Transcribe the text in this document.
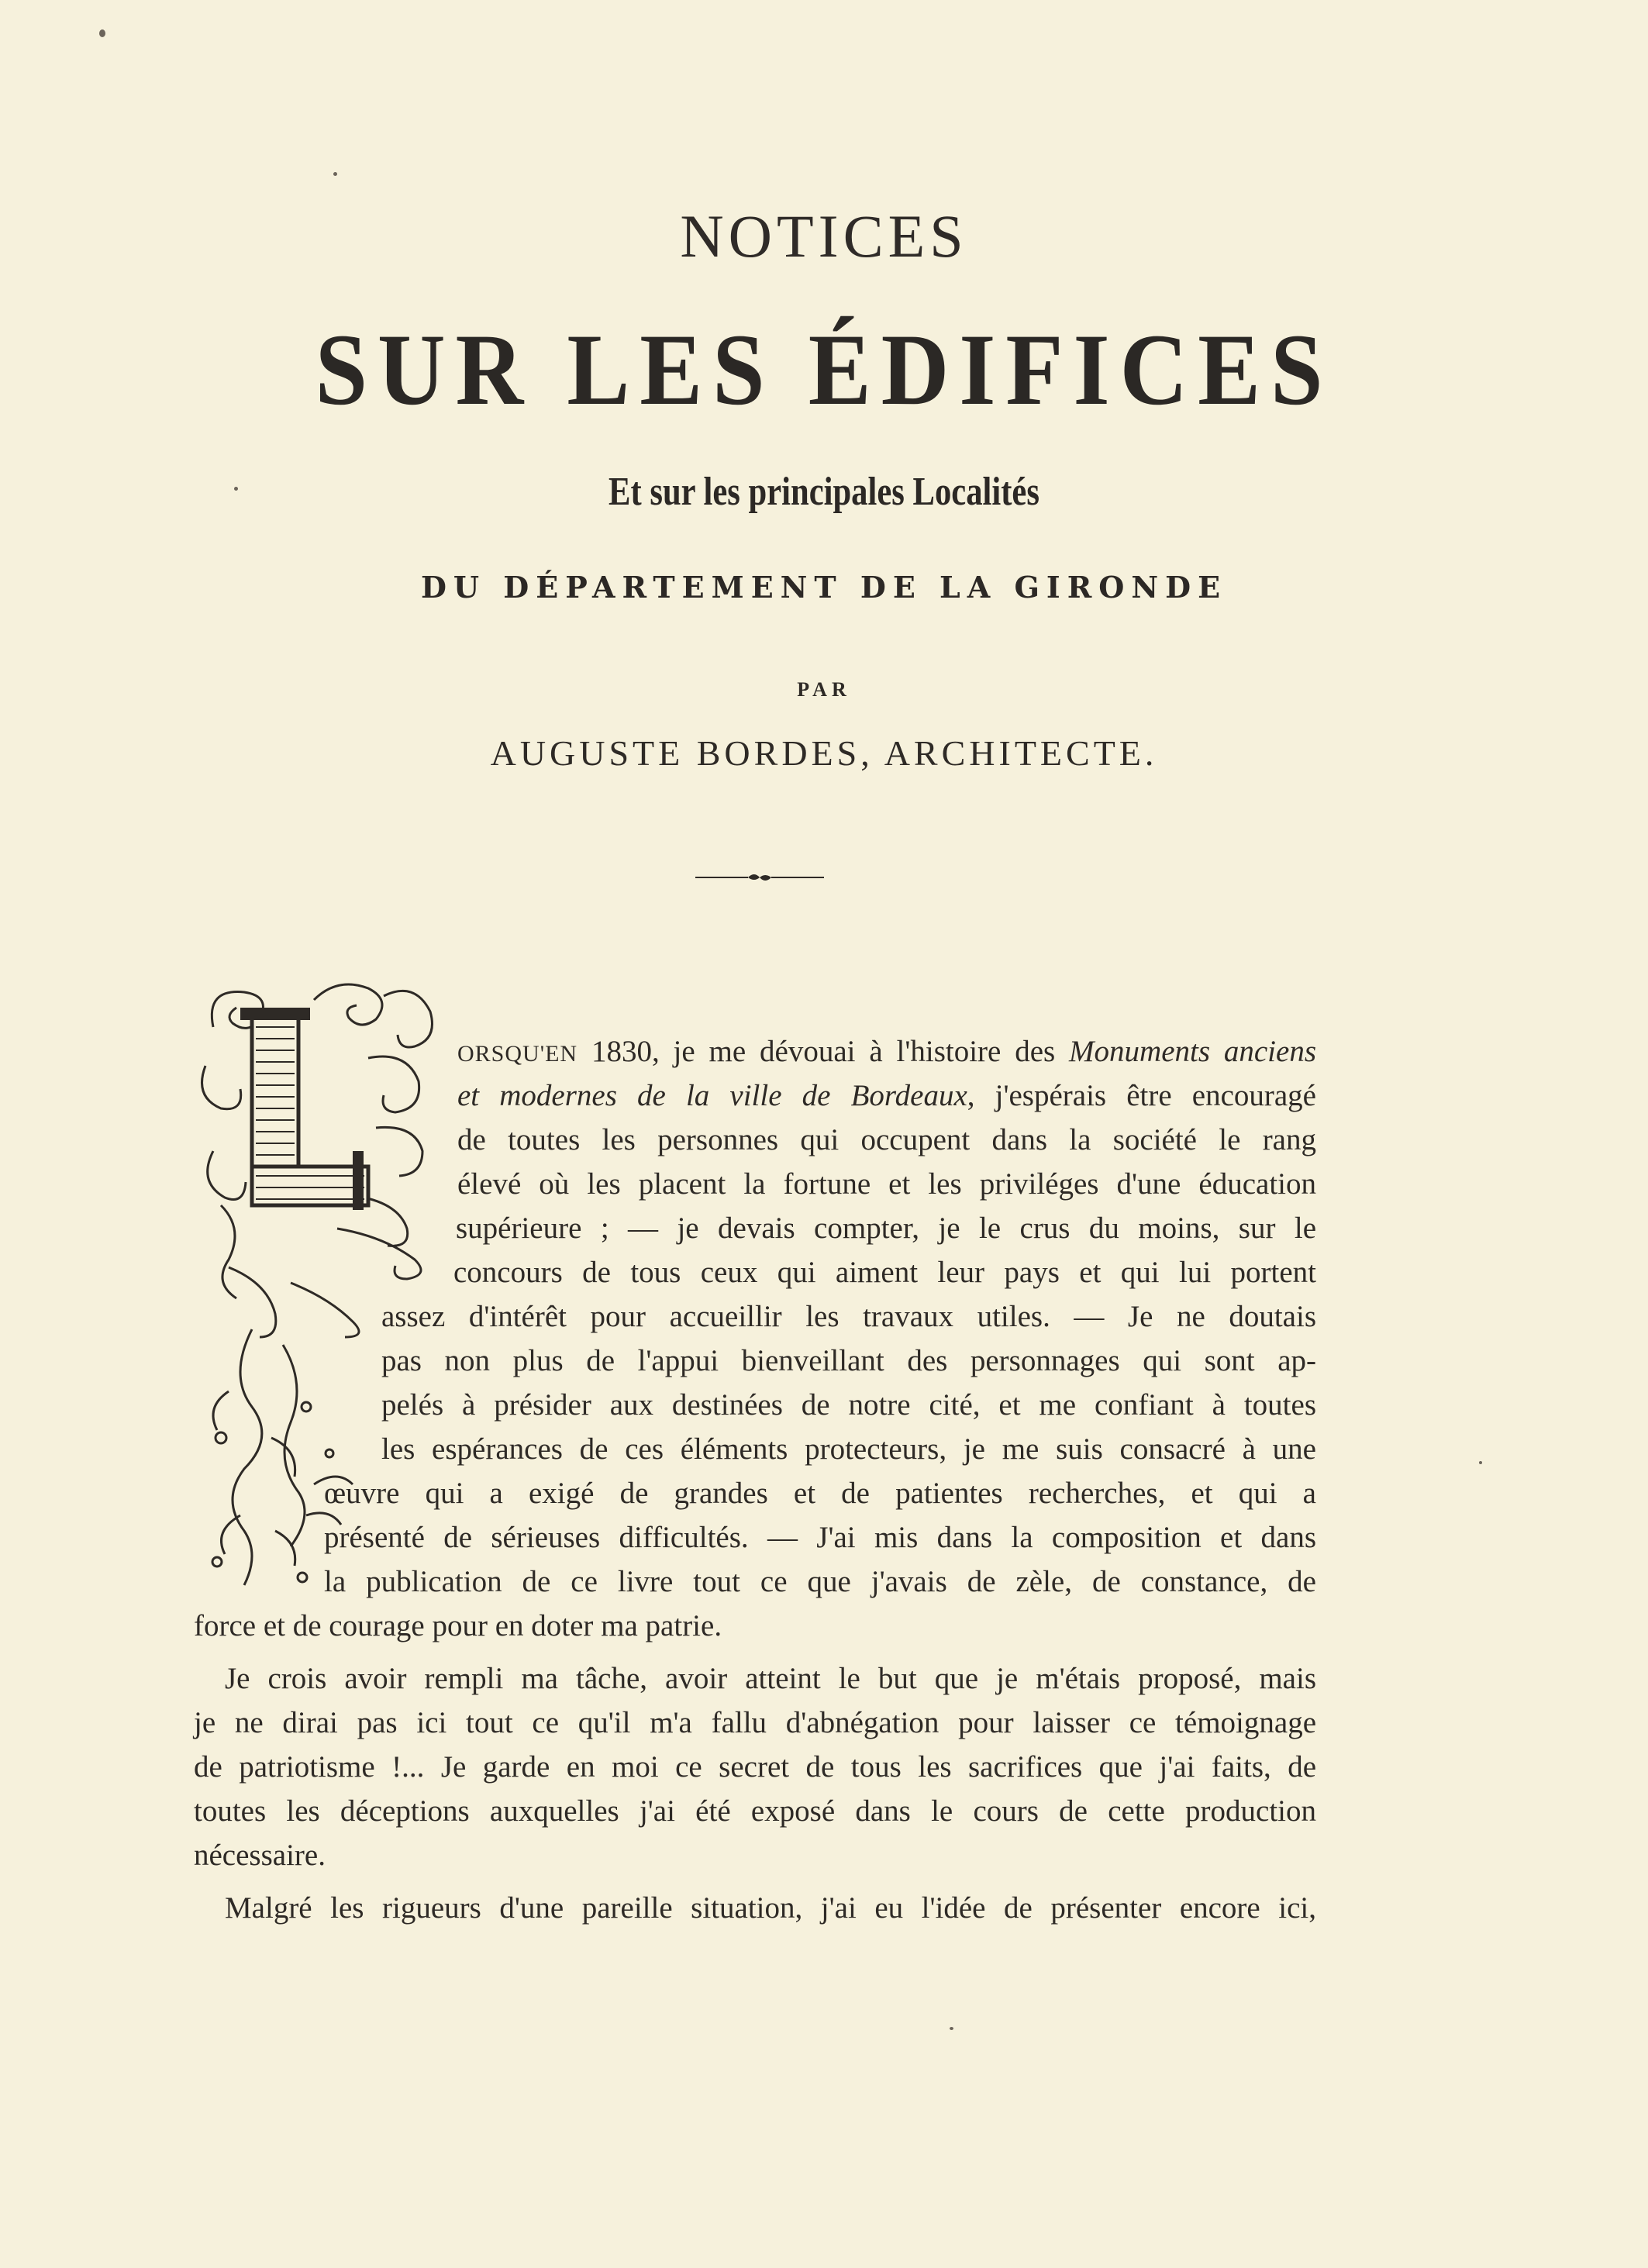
NOTICES
SUR LES ÉDIFICES
Et sur les principales Localités
DU DÉPARTEMENT DE LA GIRONDE
PAR
AUGUSTE BORDES, ARCHITECTE.
ORSQU'EN 1830, je me dévouai à l'histoire des Monuments anciens
et modernes de la ville de Bordeaux, j'espérais être encouragé
de toutes les personnes qui occupent dans la société le rang
élevé où les placent la fortune et les priviléges d'une éducation
supérieure ; — je devais compter, je le crus du moins, sur le
concours de tous ceux qui aiment leur pays et qui lui portent
assez d'intérêt pour accueillir les travaux utiles. — Je ne doutais
pas non plus de l'appui bienveillant des personnages qui sont ap-
pelés à présider aux destinées de notre cité, et me confiant à toutes
les espérances de ces éléments protecteurs, je me suis consacré à une
œuvre qui a exigé de grandes et de patientes recherches, et qui a
présenté de sérieuses difficultés. — J'ai mis dans la composition et dans
la publication de ce livre tout ce que j'avais de zèle, de constance, de
force et de courage pour en doter ma patrie.
Je crois avoir rempli ma tâche, avoir atteint le but que je m'étais proposé, mais
je ne dirai pas ici tout ce qu'il m'a fallu d'abnégation pour laisser ce témoignage
de patriotisme !... Je garde en moi ce secret de tous les sacrifices que j'ai faits, de
toutes les déceptions auxquelles j'ai été exposé dans le cours de cette production
nécessaire.
Malgré les rigueurs d'une pareille situation, j'ai eu l'idée de présenter encore ici,
